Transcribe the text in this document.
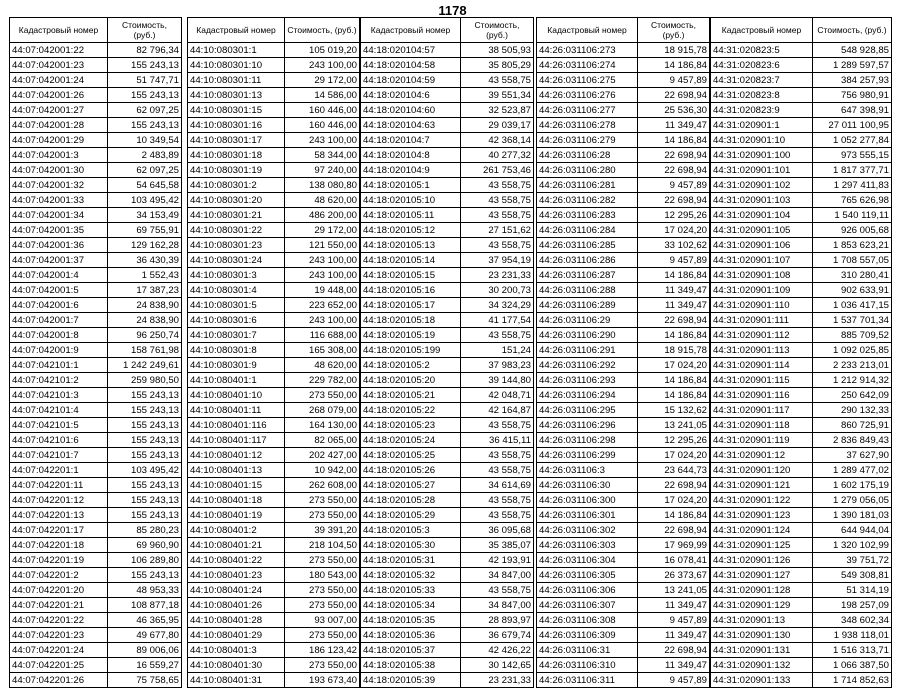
1178
Кадастровый номер	Стоимость, (руб.)
44:07:042001:22	82 796,34
44:07:042001:23	155 243,13
44:07:042001:24	51 747,71
44:07:042001:26	155 243,13
44:07:042001:27	62 097,25
44:07:042001:28	155 243,13
44:07:042001:29	10 349,54
44:07:042001:3	2 483,89
44:07:042001:30	62 097,25
44:07:042001:32	54 645,58
44:07:042001:33	103 495,42
44:07:042001:34	34 153,49
44:07:042001:35	69 755,91
44:07:042001:36	129 162,28
44:07:042001:37	36 430,39
44:07:042001:4	1 552,43
44:07:042001:5	17 387,23
44:07:042001:6	24 838,90
44:07:042001:7	24 838,90
44:07:042001:8	96 250,74
44:07:042001:9	158 761,98
44:07:042101:1	1 242 249,61
44:07:042101:2	259 980,50
44:07:042101:3	155 243,13
44:07:042101:4	155 243,13
44:07:042101:5	155 243,13
44:07:042101:6	155 243,13
44:07:042101:7	155 243,13
44:07:042201:1	103 495,42
44:07:042201:11	155 243,13
44:07:042201:12	155 243,13
44:07:042201:13	155 243,13
44:07:042201:17	85 280,23
44:07:042201:18	69 960,90
44:07:042201:19	106 289,80
44:07:042201:2	155 243,13
44:07:042201:20	48 953,33
44:07:042201:21	108 877,18
44:07:042201:22	46 365,95
44:07:042201:23	49 677,80
44:07:042201:24	89 006,06
44:07:042201:25	16 559,27
44:07:042201:26	75 758,65
Кадастровый номер	Стоимость, (руб.)
44:10:080301:1	105 019,20
44:10:080301:10	243 100,00
44:10:080301:11	29 172,00
44:10:080301:13	14 586,00
44:10:080301:15	160 446,00
44:10:080301:16	160 446,00
44:10:080301:17	243 100,00
44:10:080301:18	58 344,00
44:10:080301:19	97 240,00
44:10:080301:2	138 080,80
44:10:080301:20	48 620,00
44:10:080301:21	486 200,00
44:10:080301:22	29 172,00
44:10:080301:23	121 550,00
44:10:080301:24	243 100,00
44:10:080301:3	243 100,00
44:10:080301:4	19 448,00
44:10:080301:5	223 652,00
44:10:080301:6	243 100,00
44:10:080301:7	116 688,00
44:10:080301:8	165 308,00
44:10:080301:9	48 620,00
44:10:080401:1	229 782,00
44:10:080401:10	273 550,00
44:10:080401:11	268 079,00
44:10:080401:116	164 130,00
44:10:080401:117	82 065,00
44:10:080401:12	202 427,00
44:10:080401:13	10 942,00
44:10:080401:15	262 608,00
44:10:080401:18	273 550,00
44:10:080401:19	273 550,00
44:10:080401:2	39 391,20
44:10:080401:21	218 104,50
44:10:080401:22	273 550,00
44:10:080401:23	180 543,00
44:10:080401:24	273 550,00
44:10:080401:26	273 550,00
44:10:080401:28	93 007,00
44:10:080401:29	273 550,00
44:10:080401:3	186 123,42
44:10:080401:30	273 550,00
44:10:080401:31	193 673,40
Кадастровый номер	Стоимость, (руб.)
44:18:020104:57	38 505,93
44:18:020104:58	35 805,29
44:18:020104:59	43 558,75
44:18:020104:6	39 551,34
44:18:020104:60	32 523,87
44:18:020104:63	29 039,17
44:18:020104:7	42 368,14
44:18:020104:8	40 277,32
44:18:020104:9	261 753,46
44:18:020105:1	43 558,75
44:18:020105:10	43 558,75
44:18:020105:11	43 558,75
44:18:020105:12	27 151,62
44:18:020105:13	43 558,75
44:18:020105:14	37 954,19
44:18:020105:15	23 231,33
44:18:020105:16	30 200,73
44:18:020105:17	34 324,29
44:18:020105:18	41 177,54
44:18:020105:19	43 558,75
44:18:020105:199	151,24
44:18:020105:2	37 983,23
44:18:020105:20	39 144,80
44:18:020105:21	42 048,71
44:18:020105:22	42 164,87
44:18:020105:23	43 558,75
44:18:020105:24	36 415,11
44:18:020105:25	43 558,75
44:18:020105:26	43 558,75
44:18:020105:27	34 614,69
44:18:020105:28	43 558,75
44:18:020105:29	43 558,75
44:18:020105:3	36 095,68
44:18:020105:30	35 385,07
44:18:020105:31	42 193,91
44:18:020105:32	34 847,00
44:18:020105:33	43 558,75
44:18:020105:34	34 847,00
44:18:020105:35	28 893,97
44:18:020105:36	36 679,74
44:18:020105:37	42 426,22
44:18:020105:38	30 142,65
44:18:020105:39	23 231,33
Кадастровый номер	Стоимость, (руб.)
44:26:031106:273	18 915,78
44:26:031106:274	14 186,84
44:26:031106:275	9 457,89
44:26:031106:276	22 698,94
44:26:031106:277	25 536,30
44:26:031106:278	11 349,47
44:26:031106:279	14 186,84
44:26:031106:28	22 698,94
44:26:031106:280	22 698,94
44:26:031106:281	9 457,89
44:26:031106:282	22 698,94
44:26:031106:283	12 295,26
44:26:031106:284	17 024,20
44:26:031106:285	33 102,62
44:26:031106:286	9 457,89
44:26:031106:287	14 186,84
44:26:031106:288	11 349,47
44:26:031106:289	11 349,47
44:26:031106:29	22 698,94
44:26:031106:290	14 186,84
44:26:031106:291	18 915,78
44:26:031106:292	17 024,20
44:26:031106:293	14 186,84
44:26:031106:294	14 186,84
44:26:031106:295	15 132,62
44:26:031106:296	13 241,05
44:26:031106:298	12 295,26
44:26:031106:299	17 024,20
44:26:031106:3	23 644,73
44:26:031106:30	22 698,94
44:26:031106:300	17 024,20
44:26:031106:301	14 186,84
44:26:031106:302	22 698,94
44:26:031106:303	17 969,99
44:26:031106:304	16 078,41
44:26:031106:305	26 373,67
44:26:031106:306	13 241,05
44:26:031106:307	11 349,47
44:26:031106:308	9 457,89
44:26:031106:309	11 349,47
44:26:031106:31	22 698,94
44:26:031106:310	11 349,47
44:26:031106:311	9 457,89
Кадастровый номер	Стоимость, (руб.)
44:31:020823:5	548 928,85
44:31:020823:6	1 289 597,57
44:31:020823:7	384 257,93
44:31:020823:8	756 980,91
44:31:020823:9	647 398,91
44:31:020901:1	27 011 100,95
44:31:020901:10	1 052 277,84
44:31:020901:100	973 555,15
44:31:020901:101	1 817 377,71
44:31:020901:102	1 297 411,83
44:31:020901:103	765 626,98
44:31:020901:104	1 540 119,11
44:31:020901:105	926 005,68
44:31:020901:106	1 853 623,21
44:31:020901:107	1 708 557,05
44:31:020901:108	310 280,41
44:31:020901:109	902 633,91
44:31:020901:110	1 036 417,15
44:31:020901:111	1 537 701,34
44:31:020901:112	885 709,52
44:31:020901:113	1 092 025,85
44:31:020901:114	2 233 213,01
44:31:020901:115	1 212 914,32
44:31:020901:116	250 642,09
44:31:020901:117	290 132,33
44:31:020901:118	860 725,91
44:31:020901:119	2 836 849,43
44:31:020901:12	37 627,90
44:31:020901:120	1 289 477,02
44:31:020901:121	1 602 175,19
44:31:020901:122	1 279 056,05
44:31:020901:123	1 390 181,03
44:31:020901:124	644 944,04
44:31:020901:125	1 320 102,99
44:31:020901:126	39 751,72
44:31:020901:127	549 308,81
44:31:020901:128	51 314,19
44:31:020901:129	198 257,09
44:31:020901:13	348 602,34
44:31:020901:130	1 938 118,01
44:31:020901:131	1 516 313,71
44:31:020901:132	1 066 387,50
44:31:020901:133	1 714 852,63
